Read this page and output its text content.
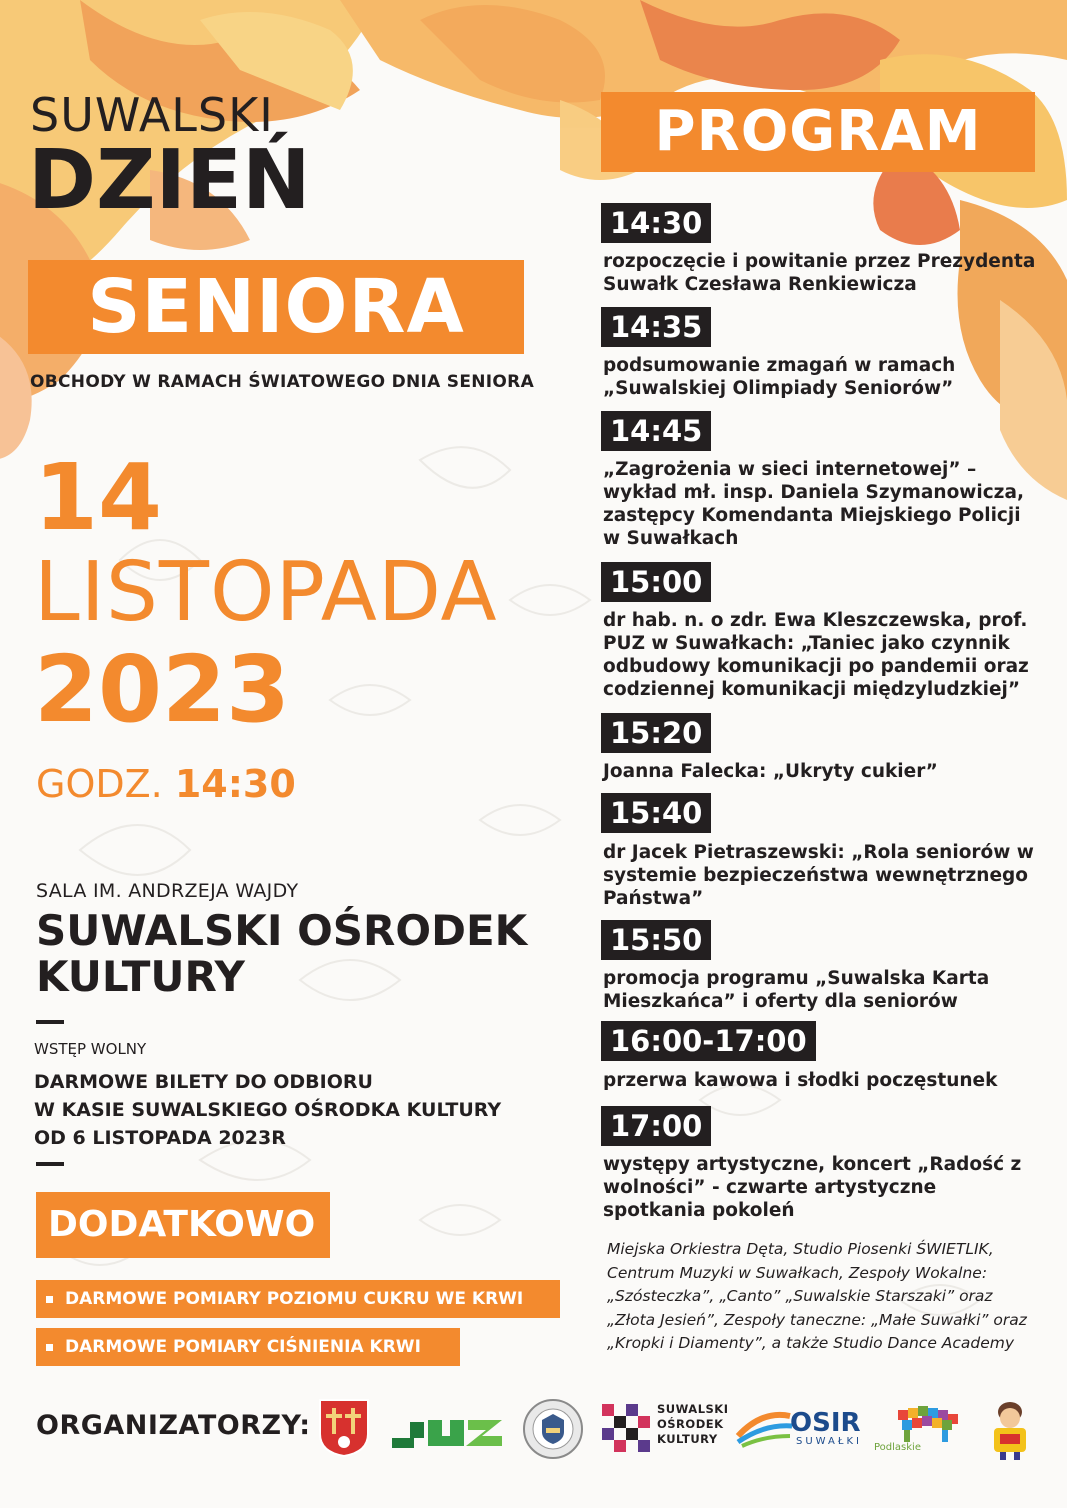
SUWALSKI
DZIEŃ
SENIORA
OBCHODY W RAMACH ŚWIATOWEGO DNIA SENIORA
14
LISTOPADA
2023
GODZ. 14:30
SALA IM. ANDRZEJA WAJDY
SUWALSKI OŚRODEK KULTURY
WSTĘP WOLNY
DARMOWE BILETY DO ODBIORU
W KASIE SUWALSKIEGO OŚRODKA KULTURY
OD 6 LISTOPADA 2023R
DODATKOWO
DARMOWE POMIARY POZIOMU CUKRU WE KRWI
DARMOWE POMIARY CIŚNIENIA KRWI
PROGRAM
14:30
rozpoczęcie i powitanie przez Prezydenta Suwałk Czesława Renkiewicza
14:35
podsumowanie zmagań w ramach „Suwalskiej Olimpiady Seniorów”
14:45
„Zagrożenia w sieci internetowej” – wykład mł. insp. Daniela Szymanowicza, zastępcy Komendanta Miejskiego Policji w Suwałkach
15:00
dr hab. n. o zdr. Ewa Kleszczewska, prof. PUZ w Suwałkach: „Taniec jako czynnik odbudowy komunikacji po pandemii oraz codziennej komunikacji międzyludzkiej”
15:20
Joanna Falecka: „Ukryty cukier”
15:40
dr Jacek Pietraszewski: „Rola seniorów w systemie bezpieczeństwa wewnętrznego Państwa”
15:50
promocja programu „Suwalska Karta Mieszkańca” i oferty dla seniorów
16:00-17:00
przerwa kawowa i słodki poczęstunek
17:00
występy artystyczne, koncert „Radość z wolności” - czwarte artystyczne spotkania pokoleń
Miejska Orkiestra Dęta, Studio Piosenki ŚWIETLIK, Centrum Muzyki w Suwałkach, Zespoły Wokalne: „Szósteczka”, „Canto” „Suwalskie Starszaki” oraz „Złota Jesień”, Zespoły taneczne: „Małe Suwałki” oraz „Kropki i Diamenty”, a także Studio Dance Academy
ORGANIZATORZY:
SUWALSKI
OŚRODEK
KULTURY
OSIR
SUWAŁKI
Podlaskie
